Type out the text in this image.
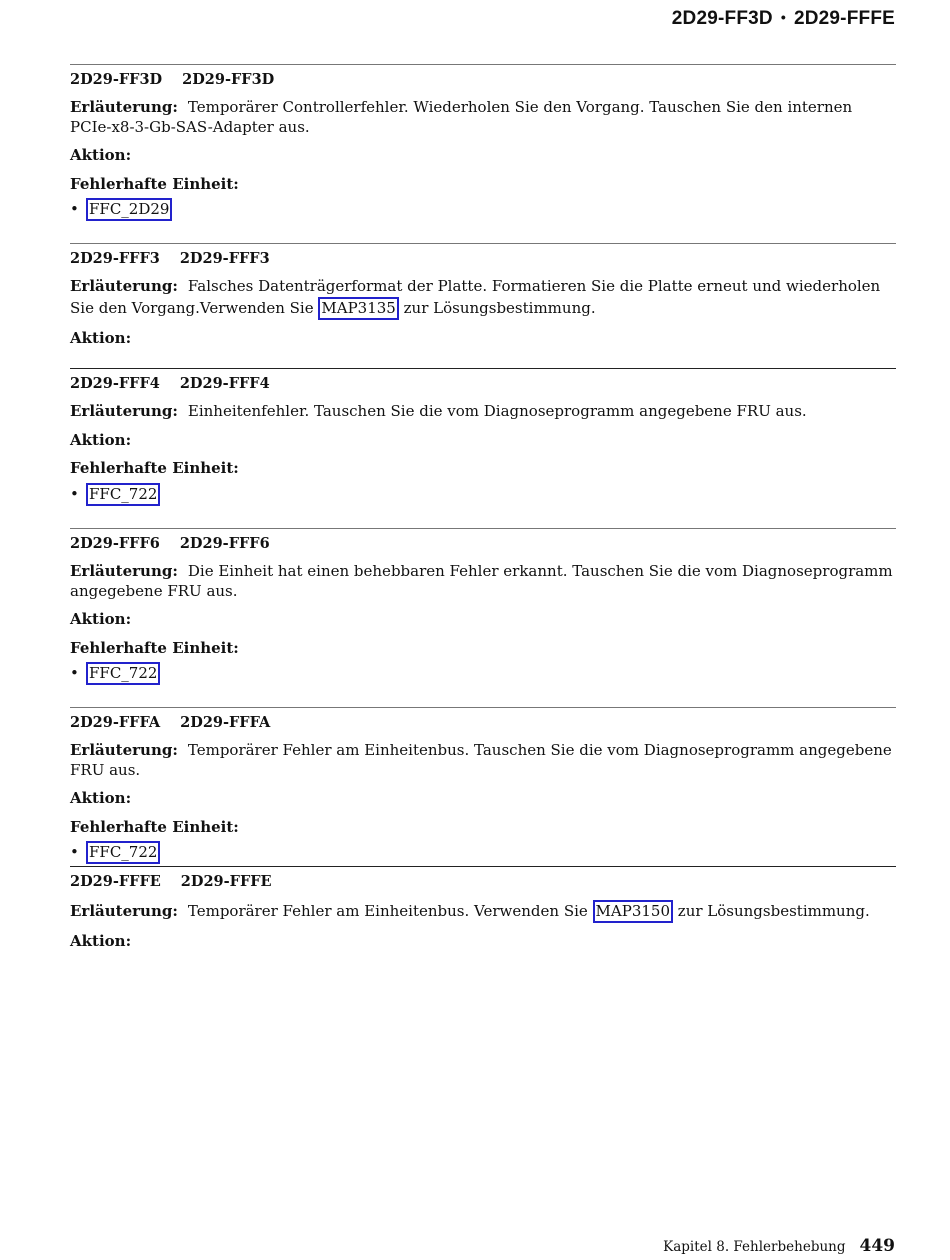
2D29-FF3D • 2D29-FFFE
2D29-FF3D 2D29-FF3D
Erläuterung: Temporärer Controllerfehler. Wiederholen Sie den Vorgang. Tauschen Sie den internen PCIe-x8-3-Gb-SAS-Adapter aus.
Aktion:
Fehlerhafte Einheit:
• FFC_2D29
2D29-FFF3 2D29-FFF3
Erläuterung: Falsches Datenträgerformat der Platte. Formatieren Sie die Platte erneut und wiederholen Sie den Vorgang.Verwenden Sie MAP3135 zur Lösungsbestimmung.
Aktion:
2D29-FFF4 2D29-FFF4
Erläuterung: Einheitenfehler. Tauschen Sie die vom Diagnoseprogramm angegebene FRU aus.
Aktion:
Fehlerhafte Einheit:
• FFC_722
2D29-FFF6 2D29-FFF6
Erläuterung: Die Einheit hat einen behebbaren Fehler erkannt. Tauschen Sie die vom Diagnoseprogramm angegebene FRU aus.
Aktion:
Fehlerhafte Einheit:
• FFC_722
2D29-FFFA 2D29-FFFA
Erläuterung: Temporärer Fehler am Einheitenbus. Tauschen Sie die vom Diagnoseprogramm angegebene FRU aus.
Aktion:
Fehlerhafte Einheit:
• FFC_722
2D29-FFFE 2D29-FFFE
Erläuterung: Temporärer Fehler am Einheitenbus. Verwenden Sie MAP3150 zur Lösungsbestimmung.
Aktion:
Kapitel 8. Fehlerbehebung 449
